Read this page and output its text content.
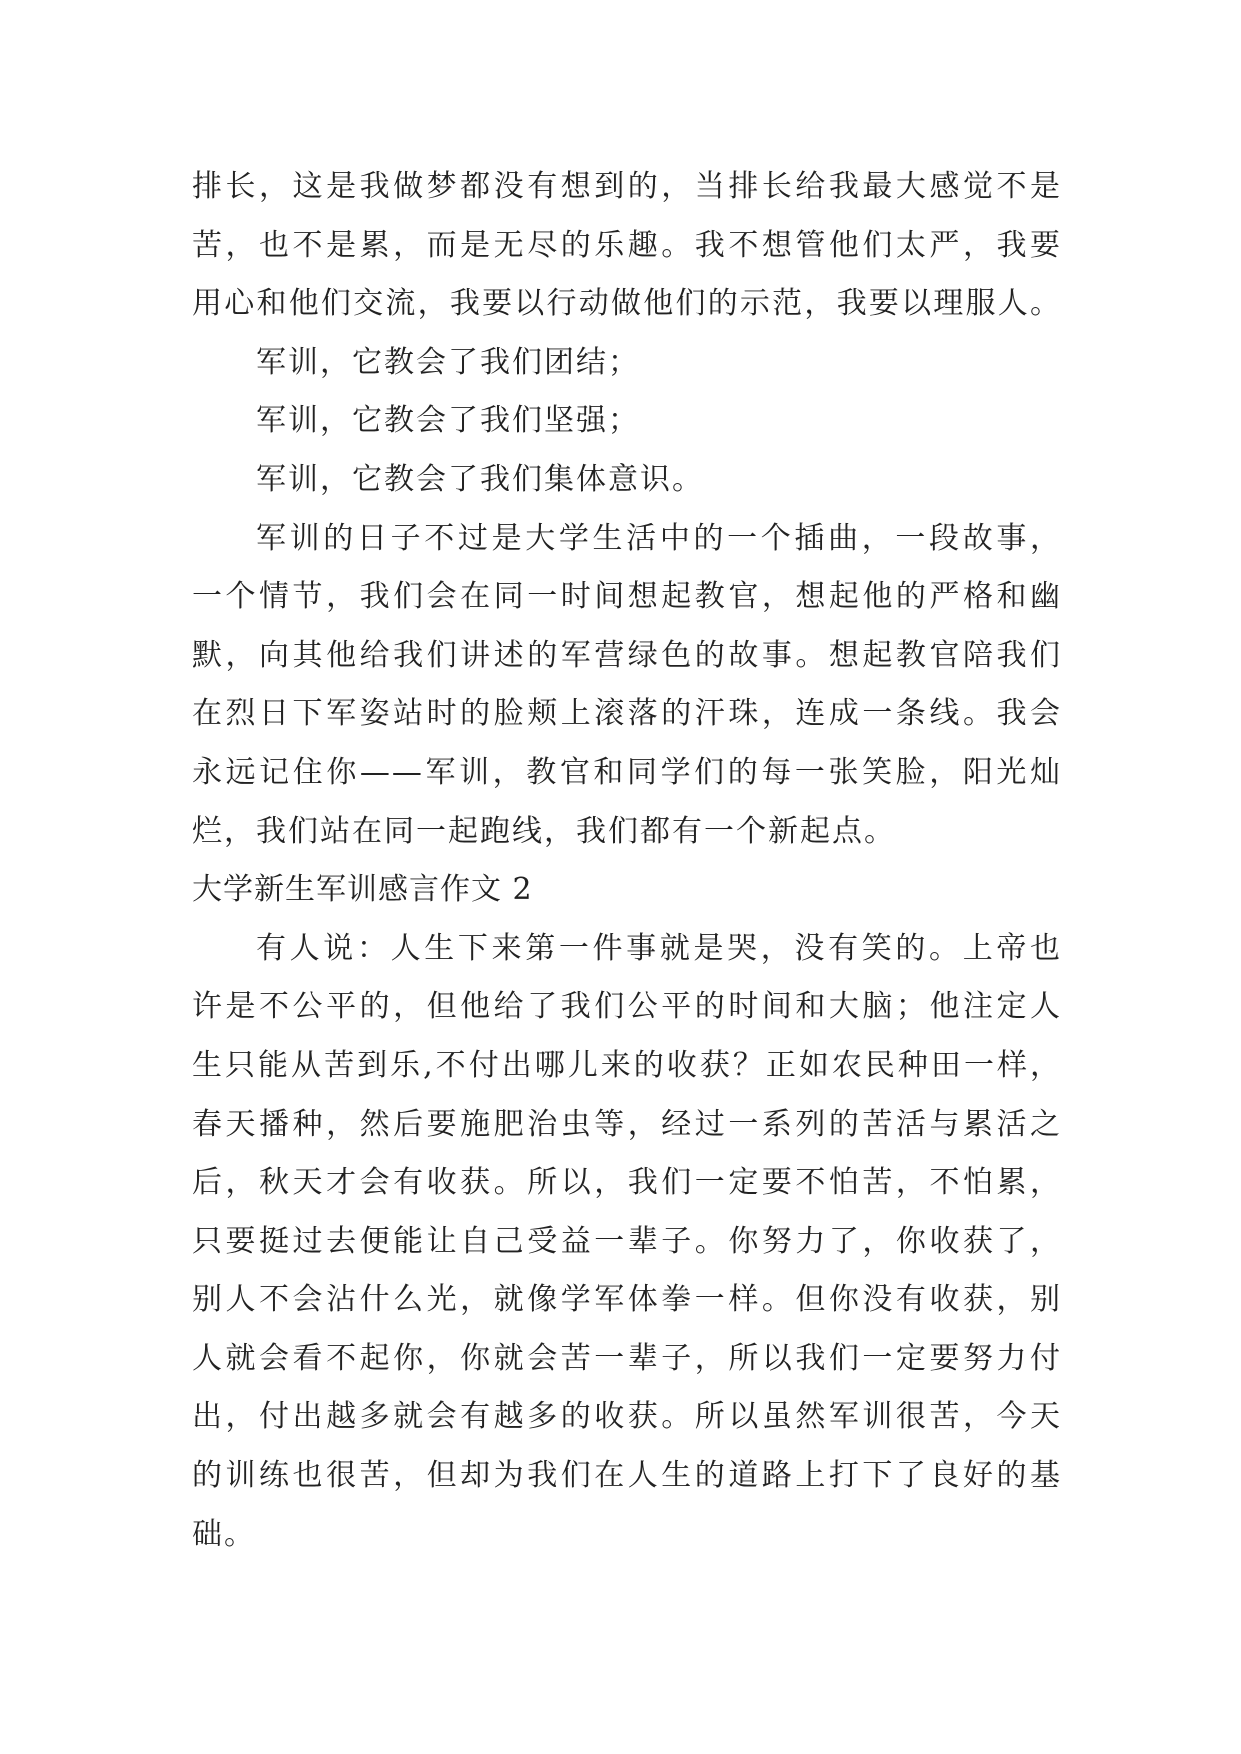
排长，这是我做梦都没有想到的，当排长给我最大感觉不是
苦，也不是累，而是无尽的乐趣。我不想管他们太严，我要
用心和他们交流，我要以行动做他们的示范，我要以理服人。
军训，它教会了我们团结；
军训，它教会了我们坚强；
军训，它教会了我们集体意识。
军训的日子不过是大学生活中的一个插曲，一段故事，
一个情节，我们会在同一时间想起教官，想起他的严格和幽
默，向其他给我们讲述的军营绿色的故事。想起教官陪我们
在烈日下军姿站时的脸颊上滚落的汗珠，连成一条线。我会
永远记住你——军训，教官和同学们的每一张笑脸，阳光灿
烂，我们站在同一起跑线，我们都有一个新起点。
大学新生军训感言作文 2
有人说：人生下来第一件事就是哭，没有笑的。上帝也
许是不公平的，但他给了我们公平的时间和大脑；他注定人
生只能从苦到乐,不付出哪儿来的收获？正如农民种田一样，
春天播种，然后要施肥治虫等，经过一系列的苦活与累活之
后，秋天才会有收获。所以，我们一定要不怕苦，不怕累，
只要挺过去便能让自己受益一辈子。你努力了，你收获了，
别人不会沾什么光，就像学军体拳一样。但你没有收获，别
人就会看不起你，你就会苦一辈子，所以我们一定要努力付
出，付出越多就会有越多的收获。所以虽然军训很苦，今天
的训练也很苦，但却为我们在人生的道路上打下了良好的基
础。
